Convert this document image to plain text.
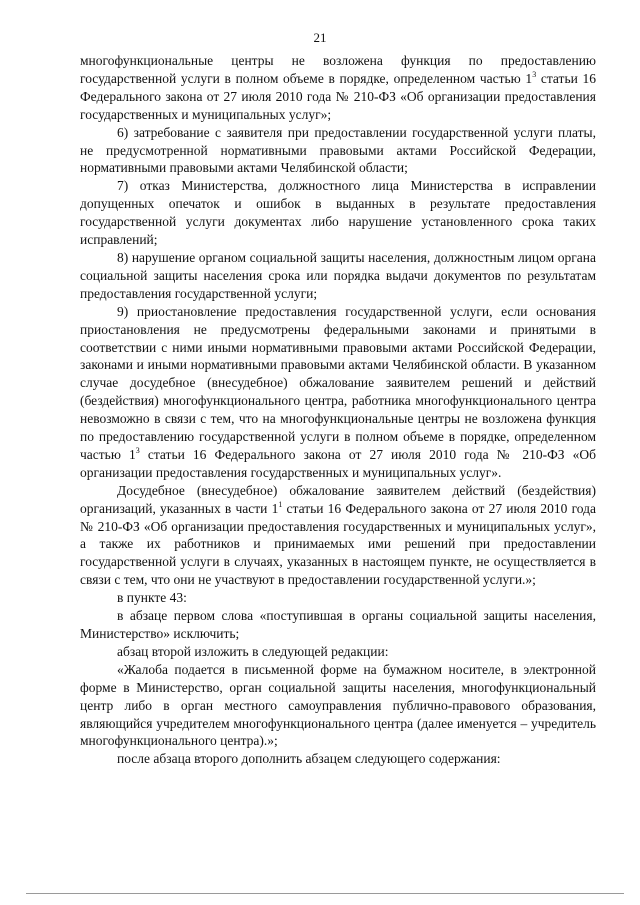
21

многофункциональные центры не возложена функция по предоставлению государственной услуги в полном объеме в порядке, определенном частью $1^3$ статьи 16 Федерального закона от 27 июля 2010 года № 210-ФЗ «Об организации предоставления государственных и муниципальных услуг»;

6) затребование с заявителя при предоставлении государственной услуги платы, не предусмотренной нормативными правовыми актами Российской Федерации, нормативными правовыми актами Челябинской области;

7) отказ Министерства, должностного лица Министерства в исправлении допущенных опечаток и ошибок в выданных в результате предоставления государственной услуги документах либо нарушение установленного срока таких исправлений;

8) нарушение органом социальной защиты населения, должностным лицом органа социальной защиты населения срока или порядка выдачи документов по результатам предоставления государственной услуги;

9) приостановление предоставления государственной услуги, если основания приостановления не предусмотрены федеральными законами и принятыми в соответствии с ними иными нормативными правовыми актами Российской Федерации, законами и иными нормативными правовыми актами Челябинской области. В указанном случае досудебное (внесудебное) обжалование заявителем решений и действий (бездействия) многофункционального центра, работника многофункционального центра невозможно в связи с тем, что на многофункциональные центры не возложена функция по предоставлению государственной услуги в полном объеме в порядке, определенном частью $1^3$ статьи 16 Федерального закона от 27 июля 2010 года № 210-ФЗ «Об организации предоставления государственных и муниципальных услуг».

Досудебное (внесудебное) обжалование заявителем действий (бездействия) организаций, указанных в части $1^1$ статьи 16 Федерального закона от 27 июля 2010 года № 210-ФЗ «Об организации предоставления государственных и муниципальных услуг», а также их работников и принимаемых ими решений при предоставлении государственной услуги в случаях, указанных в настоящем пункте, не осуществляется в связи с тем, что они не участвуют в предоставлении государственной услуги.»;

в пункте 43:

в абзаце первом слова «поступившая в органы социальной защиты населения, Министерство» исключить;

абзац второй изложить в следующей редакции:

«Жалоба подается в письменной форме на бумажном носителе, в электронной форме в Министерство, орган социальной защиты населения, многофункциональный центр либо в орган местного самоуправления публично-правового образования, являющийся учредителем многофункционального центра (далее именуется – учредитель многофункционального центра).»;

после абзаца второго дополнить абзацем следующего содержания:
